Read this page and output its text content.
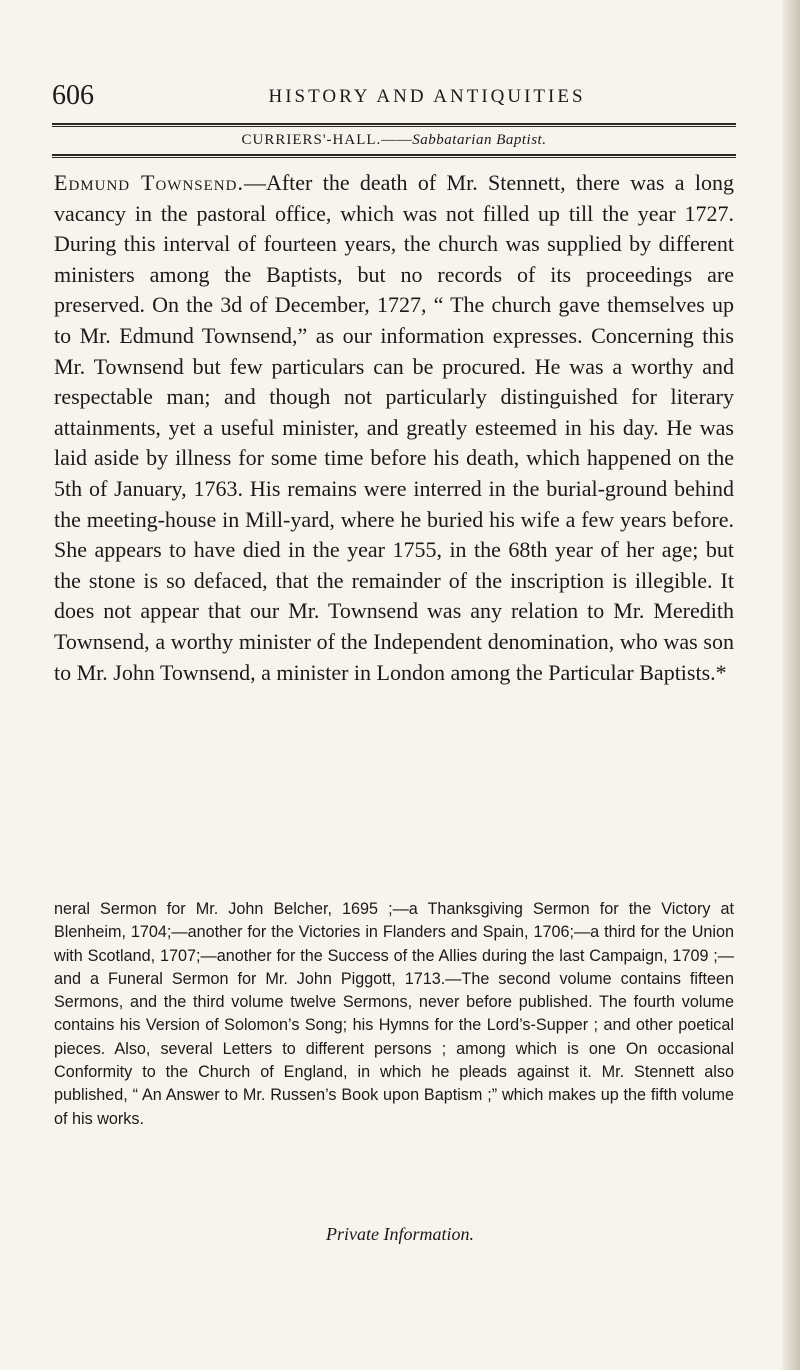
606	HISTORY AND ANTIQUITIES
CURRIERS'-HALL.——Sabbatarian Baptist.
Edmund Townsend.—After the death of Mr. Stennett, there was a long vacancy in the pastoral office, which was not filled up till the year 1727. During this interval of fourteen years, the church was supplied by different ministers among the Baptists, but no records of its proceedings are preserved. On the 3d of December, 1727, “ The church gave themselves up to Mr. Edmund Townsend,” as our information expresses. Concerning this Mr. Townsend but few particulars can be procured. He was a worthy and respectable man; and though not particularly distinguished for literary attainments, yet a useful minister, and greatly esteemed in his day. He was laid aside by illness for some time before his death, which happened on the 5th of January, 1763. His remains were interred in the burial-ground behind the meeting-house in Mill-yard, where he buried his wife a few years before. She appears to have died in the year 1755, in the 68th year of her age; but the stone is so defaced, that the remainder of the inscription is illegible. It does not appear that our Mr. Townsend was any relation to Mr. Meredith Townsend, a worthy minister of the Independent denomination, who was son to Mr. John Townsend, a minister in London among the Particular Baptists.*
neral Sermon for Mr. John Belcher, 1695 ;—a Thanksgiving Sermon for the Victory at Blenheim, 1704;—another for the Victories in Flanders and Spain, 1706;—a third for the Union with Scotland, 1707;—another for the Success of the Allies during the last Campaign, 1709 ;—and a Funeral Sermon for Mr. John Piggott, 1713.—The second volume contains fifteen Sermons, and the third volume twelve Sermons, never before published. The fourth volume contains his Version of Solomon’s Song; his Hymns for the Lord’s-Supper ; and other poetical pieces. Also, several Letters to different persons ; among which is one On occasional Conformity to the Church of England, in which he pleads against it. Mr. Stennett also published, “ An Answer to Mr. Russen’s Book upon Baptism ;” which makes up the fifth volume of his works.
Private Information.
